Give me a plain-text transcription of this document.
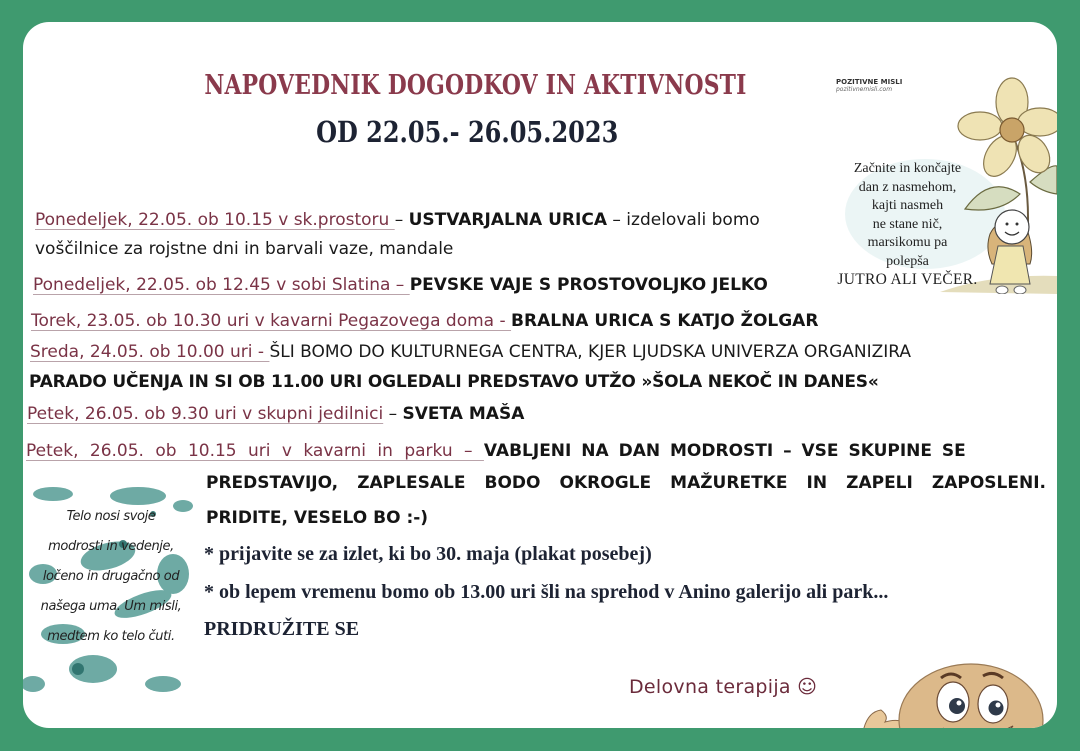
NAPOVEDNIK DOGODKOV IN AKTIVNOSTI
OD 22.05.- 26.05.2023
Ponedeljek, 22.05. ob 10.15 v sk.prostoru – USTVARJALNA URICA – izdelovali bomo
voščilnice za rojstne dni in barvali vaze, mandale
Ponedeljek, 22.05. ob 12.45 v sobi Slatina – PEVSKE VAJE S PROSTOVOLJKO JELKO
Torek, 23.05. ob 10.30 uri v kavarni Pegazovega doma - BRALNA URICA S KATJO ŽOLGAR
Sreda, 24.05. ob 10.00 uri - ŠLI BOMO DO KULTURNEGA CENTRA, KJER LJUDSKA UNIVERZA ORGANIZIRA
PARADO UČENJA IN SI OB 11.00 URI OGLEDALI PREDSTAVO UTŽO »ŠOLA NEKOČ IN DANES«
Petek, 26.05. ob 9.30 uri v skupni jedilnici – SVETA MAŠA
Petek, 26.05. ob 10.15 uri v kavarni in parku – VABLJENI NA DAN MODROSTI – VSE SKUPINE SE
PREDSTAVIJO, ZAPLESALE BODO OKROGLE MAŽURETKE IN ZAPELI ZAPOSLENI.
PRIDITE, VESELO BO :-)
* prijavite se za izlet, ki bo 30. maja (plakat posebej)
* ob lepem vremenu bomo ob 13.00 uri šli na sprehod v Anino galerijo ali park...
PRIDRUŽITE SE
POZITIVNE MISLI
pozitivnemisli.com
Začnite in končajte
dan z nasmehom,
kajti nasmeh
ne stane nič,
marsikomu pa
polepša
JUTRO ALI VEČER.
Telo nosi svoje
modrosti in vedenje,
ločeno in drugačno od
našega uma. Um misli,
medtem ko telo čuti.
Delovna terapija ☺
